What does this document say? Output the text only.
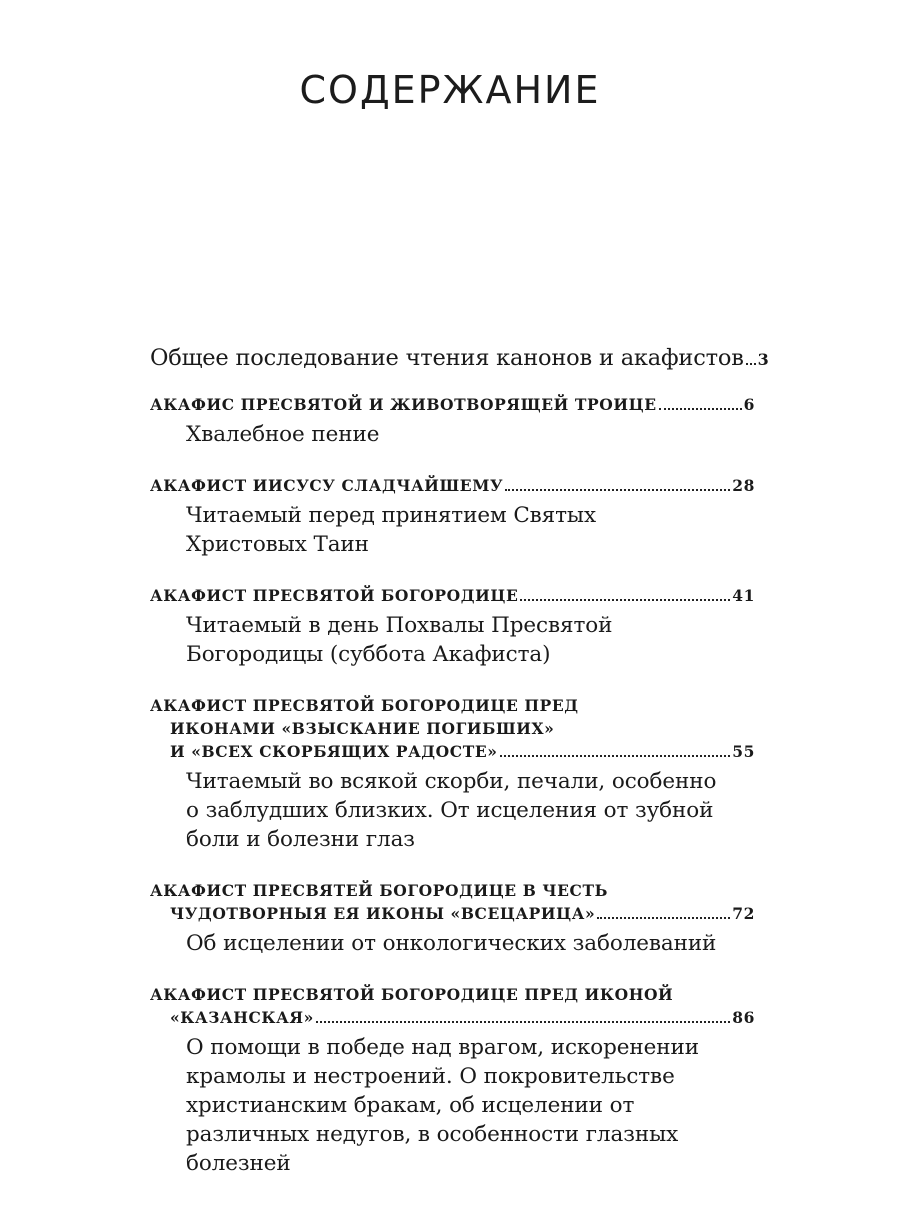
СОДЕРЖАНИЕ
Общее последование чтения канонов и акафистов 3
АКАФИС ПРЕСВЯТОЙ И ЖИВОТВОРЯЩЕЙ ТРОИЦЕ	6
Хвалебное пение
АКАФИСТ ИИСУСУ СЛАДЧАЙШЕМУ	28
Читаемый перед принятием Святых
Христовых Таин
АКАФИСТ ПРЕСВЯТОЙ БОГОРОДИЦЕ	41
Читаемый в день Похвалы Пресвятой
Богородицы (суббота Акафиста)
АКАФИСТ ПРЕСВЯТОЙ БОГОРОДИЦЕ ПРЕД
ИКОНАМИ «ВЗЫСКАНИЕ ПОГИБШИХ»
И «ВСЕХ СКОРБЯЩИХ РАДОСТЕ»	55
Читаемый во всякой скорби, печали, особенно
о заблудших близких. От исцеления от зубной
боли и болезни глаз
АКАФИСТ ПРЕСВЯТЕЙ БОГОРОДИЦЕ В ЧЕСТЬ
ЧУДОТВОРНЫЯ ЕЯ ИКОНЫ «ВСЕЦАРИЦА»	72
Об исцелении от онкологических заболеваний
АКАФИСТ ПРЕСВЯТОЙ БОГОРОДИЦЕ ПРЕД ИКОНОЙ
«КАЗАНСКАЯ»	86
О помощи в победе над врагом, искоренении
крамолы и нестроений. О покровительстве
христианским бракам, об исцелении от
различных недугов, в особенности глазных
болезней
